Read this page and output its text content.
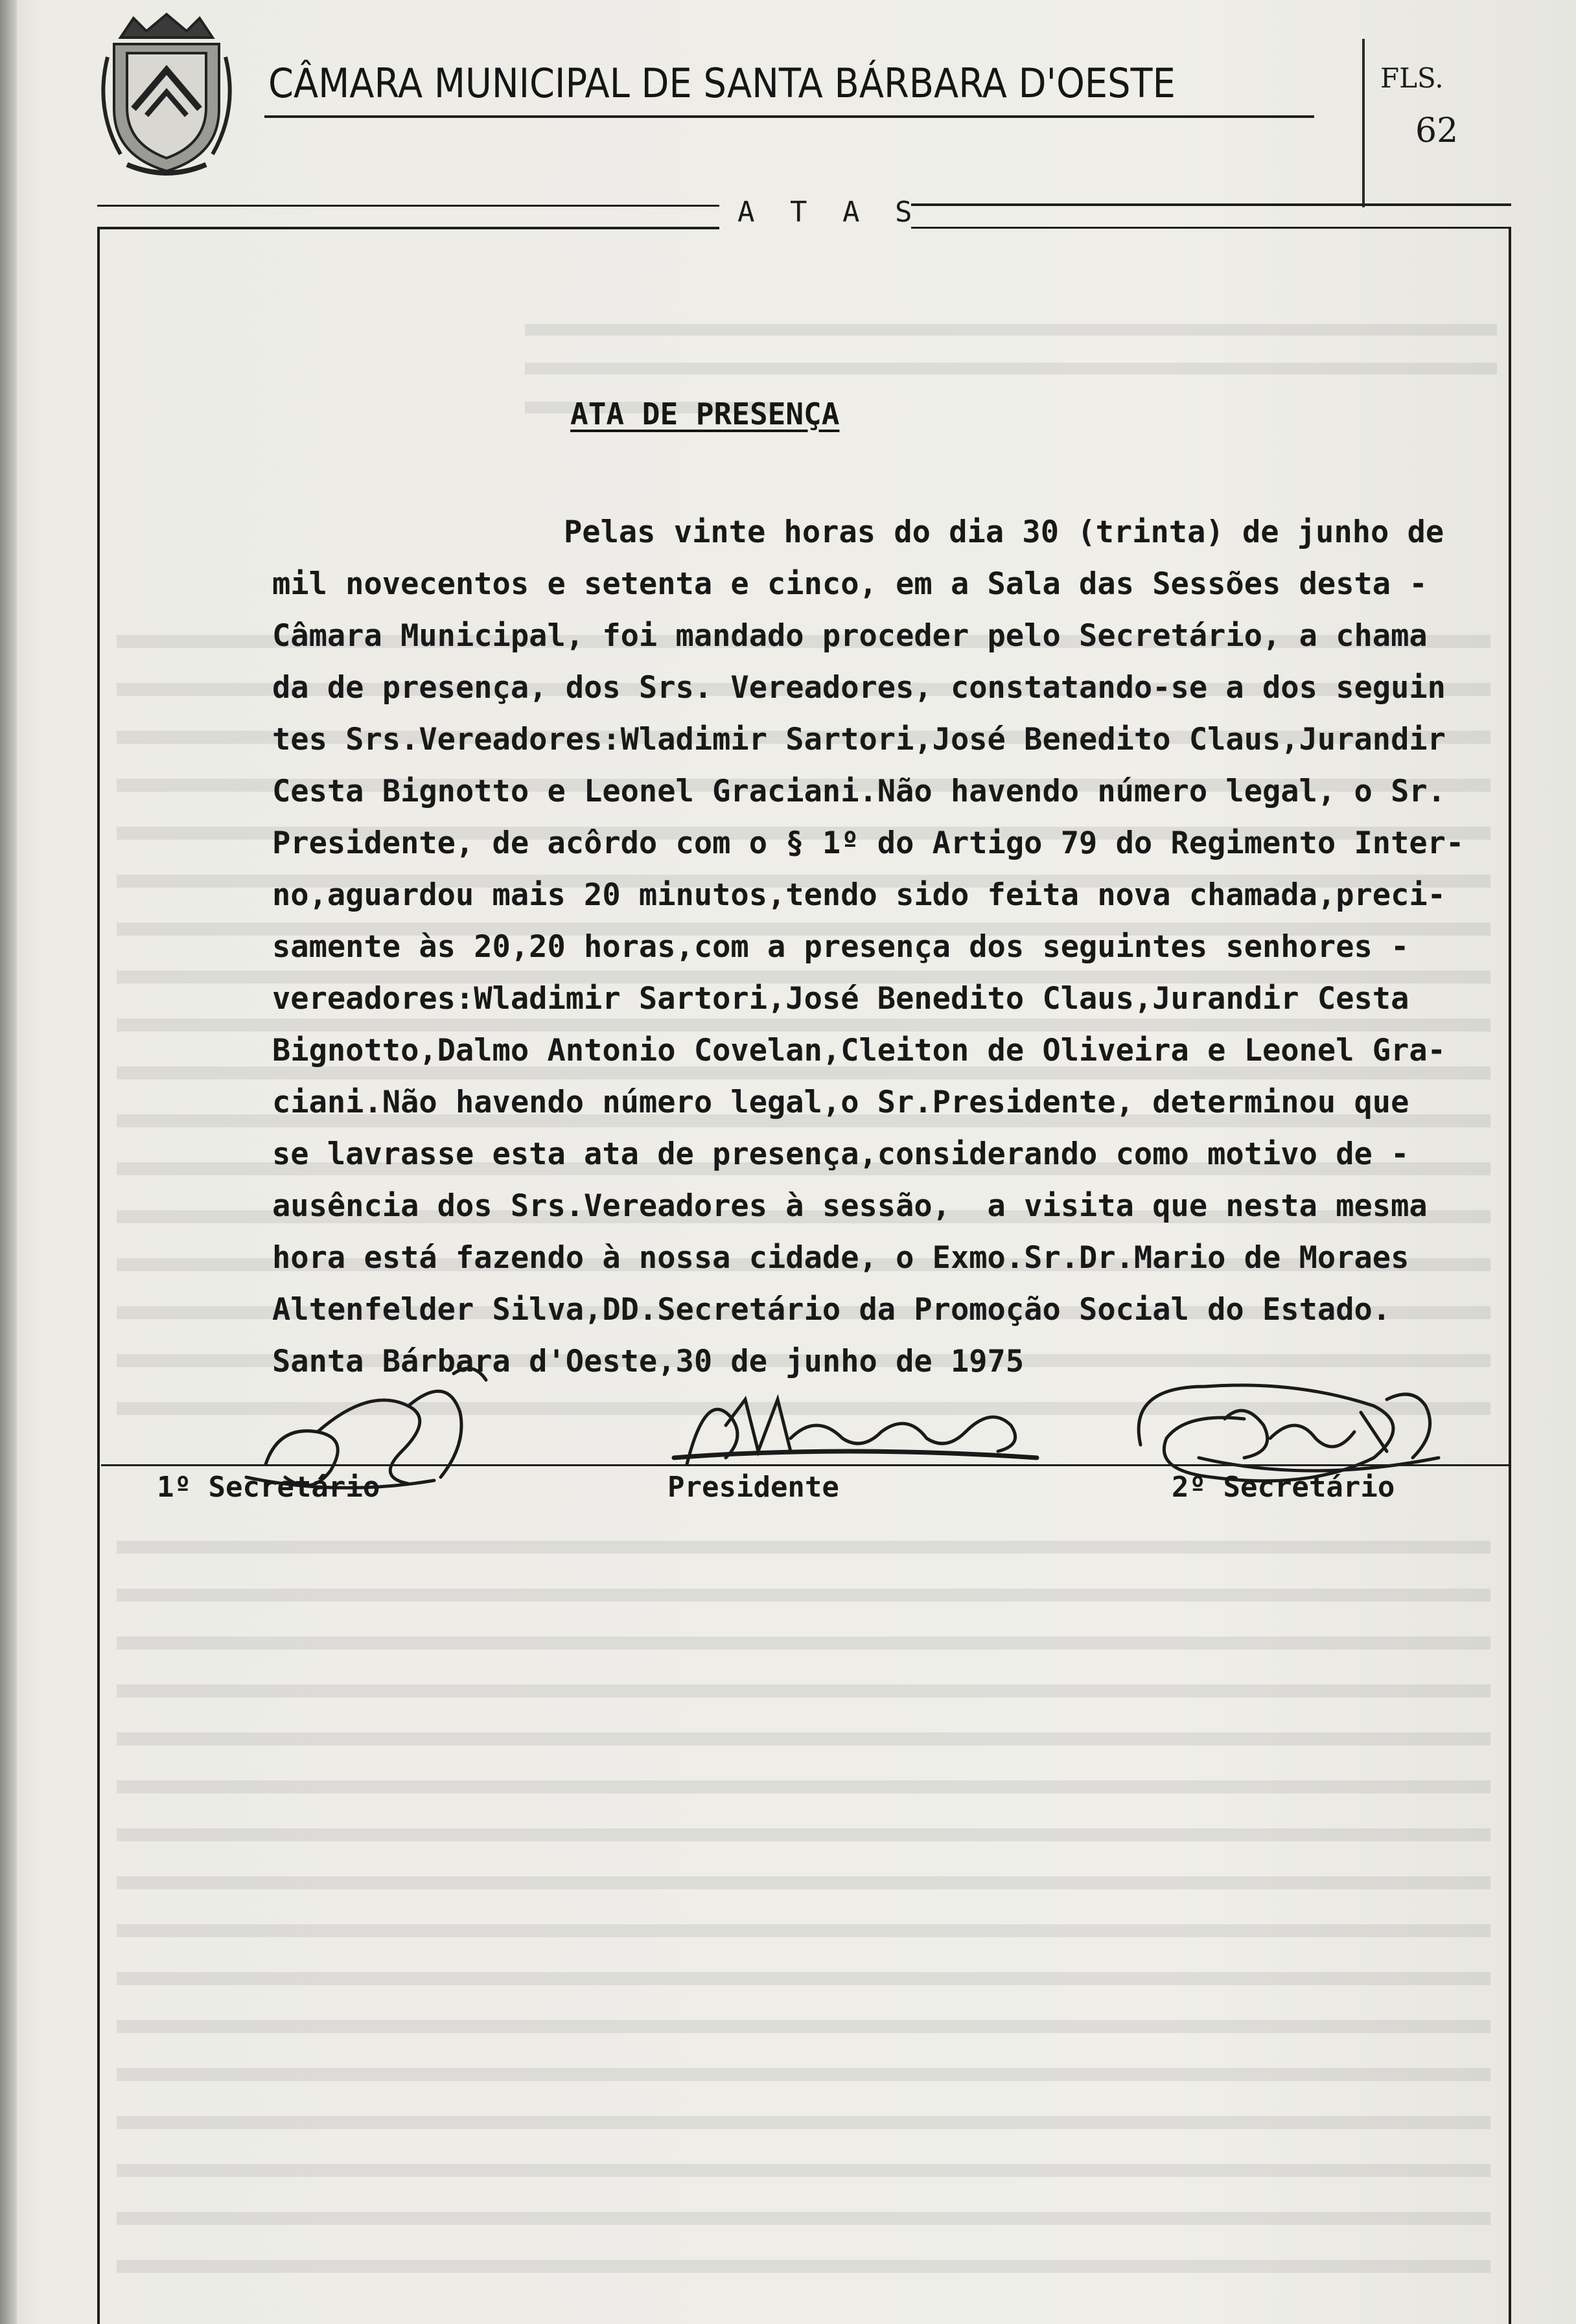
CÂMARA MUNICIPAL DE SANTA BÁRBARA D'OESTE	FLS.
62
A T A S
ATA DE PRESENÇA
Pelas vinte horas do dia 30 (trinta) de junho de
mil novecentos e setenta e cinco, em a Sala das Sessões desta -
Câmara Municipal, foi mandado proceder pelo Secretário, a chama
da de presença, dos Srs. Vereadores, constatando-se a dos seguin
tes Srs.Vereadores:Wladimir Sartori,José Benedito Claus,Jurandir
Cesta Bignotto e Leonel Graciani.Não havendo número legal, o Sr.
Presidente, de acôrdo com o § 1º do Artigo 79 do Regimento Inter-
no,aguardou mais 20 minutos,tendo sido feita nova chamada,preci-
samente às 20,20 horas,com a presença dos seguintes senhores -
vereadores:Wladimir Sartori,José Benedito Claus,Jurandir Cesta
Bignotto,Dalmo Antonio Covelan,Cleiton de Oliveira e Leonel Gra-
ciani.Não havendo número legal,o Sr.Presidente, determinou que
se lavrasse esta ata de presença,considerando como motivo de -
ausência dos Srs.Vereadores à sessão,  a visita que nesta mesma
hora está fazendo à nossa cidade, o Exmo.Sr.Dr.Mario de Moraes
Altenfelder Silva,DD.Secretário da Promoção Social do Estado.
Santa Bárbara d'Oeste,30 de junho de 1975
1º Secretário	Presidente	2º Secretário
